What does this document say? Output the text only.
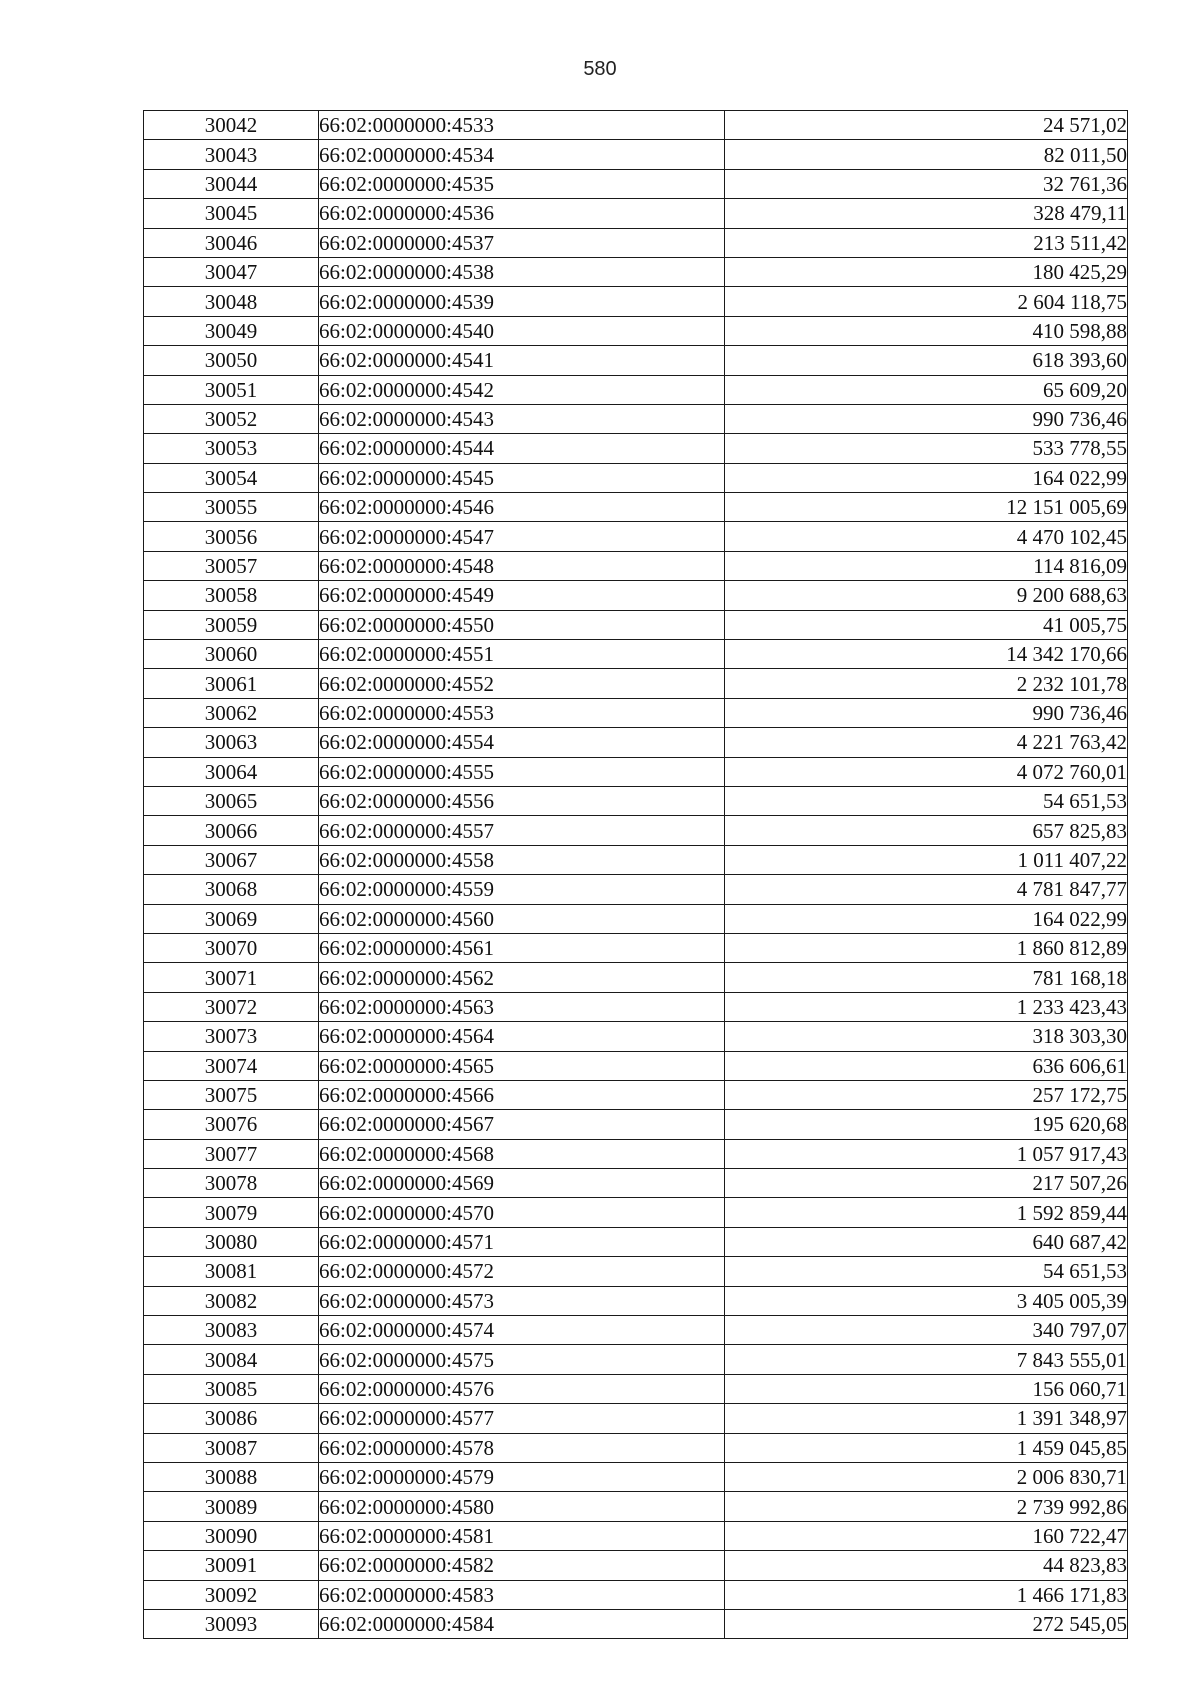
580
30042	66:02:0000000:4533	24 571,02
30043	66:02:0000000:4534	82 011,50
30044	66:02:0000000:4535	32 761,36
30045	66:02:0000000:4536	328 479,11
30046	66:02:0000000:4537	213 511,42
30047	66:02:0000000:4538	180 425,29
30048	66:02:0000000:4539	2 604 118,75
30049	66:02:0000000:4540	410 598,88
30050	66:02:0000000:4541	618 393,60
30051	66:02:0000000:4542	65 609,20
30052	66:02:0000000:4543	990 736,46
30053	66:02:0000000:4544	533 778,55
30054	66:02:0000000:4545	164 022,99
30055	66:02:0000000:4546	12 151 005,69
30056	66:02:0000000:4547	4 470 102,45
30057	66:02:0000000:4548	114 816,09
30058	66:02:0000000:4549	9 200 688,63
30059	66:02:0000000:4550	41 005,75
30060	66:02:0000000:4551	14 342 170,66
30061	66:02:0000000:4552	2 232 101,78
30062	66:02:0000000:4553	990 736,46
30063	66:02:0000000:4554	4 221 763,42
30064	66:02:0000000:4555	4 072 760,01
30065	66:02:0000000:4556	54 651,53
30066	66:02:0000000:4557	657 825,83
30067	66:02:0000000:4558	1 011 407,22
30068	66:02:0000000:4559	4 781 847,77
30069	66:02:0000000:4560	164 022,99
30070	66:02:0000000:4561	1 860 812,89
30071	66:02:0000000:4562	781 168,18
30072	66:02:0000000:4563	1 233 423,43
30073	66:02:0000000:4564	318 303,30
30074	66:02:0000000:4565	636 606,61
30075	66:02:0000000:4566	257 172,75
30076	66:02:0000000:4567	195 620,68
30077	66:02:0000000:4568	1 057 917,43
30078	66:02:0000000:4569	217 507,26
30079	66:02:0000000:4570	1 592 859,44
30080	66:02:0000000:4571	640 687,42
30081	66:02:0000000:4572	54 651,53
30082	66:02:0000000:4573	3 405 005,39
30083	66:02:0000000:4574	340 797,07
30084	66:02:0000000:4575	7 843 555,01
30085	66:02:0000000:4576	156 060,71
30086	66:02:0000000:4577	1 391 348,97
30087	66:02:0000000:4578	1 459 045,85
30088	66:02:0000000:4579	2 006 830,71
30089	66:02:0000000:4580	2 739 992,86
30090	66:02:0000000:4581	160 722,47
30091	66:02:0000000:4582	44 823,83
30092	66:02:0000000:4583	1 466 171,83
30093	66:02:0000000:4584	272 545,05
